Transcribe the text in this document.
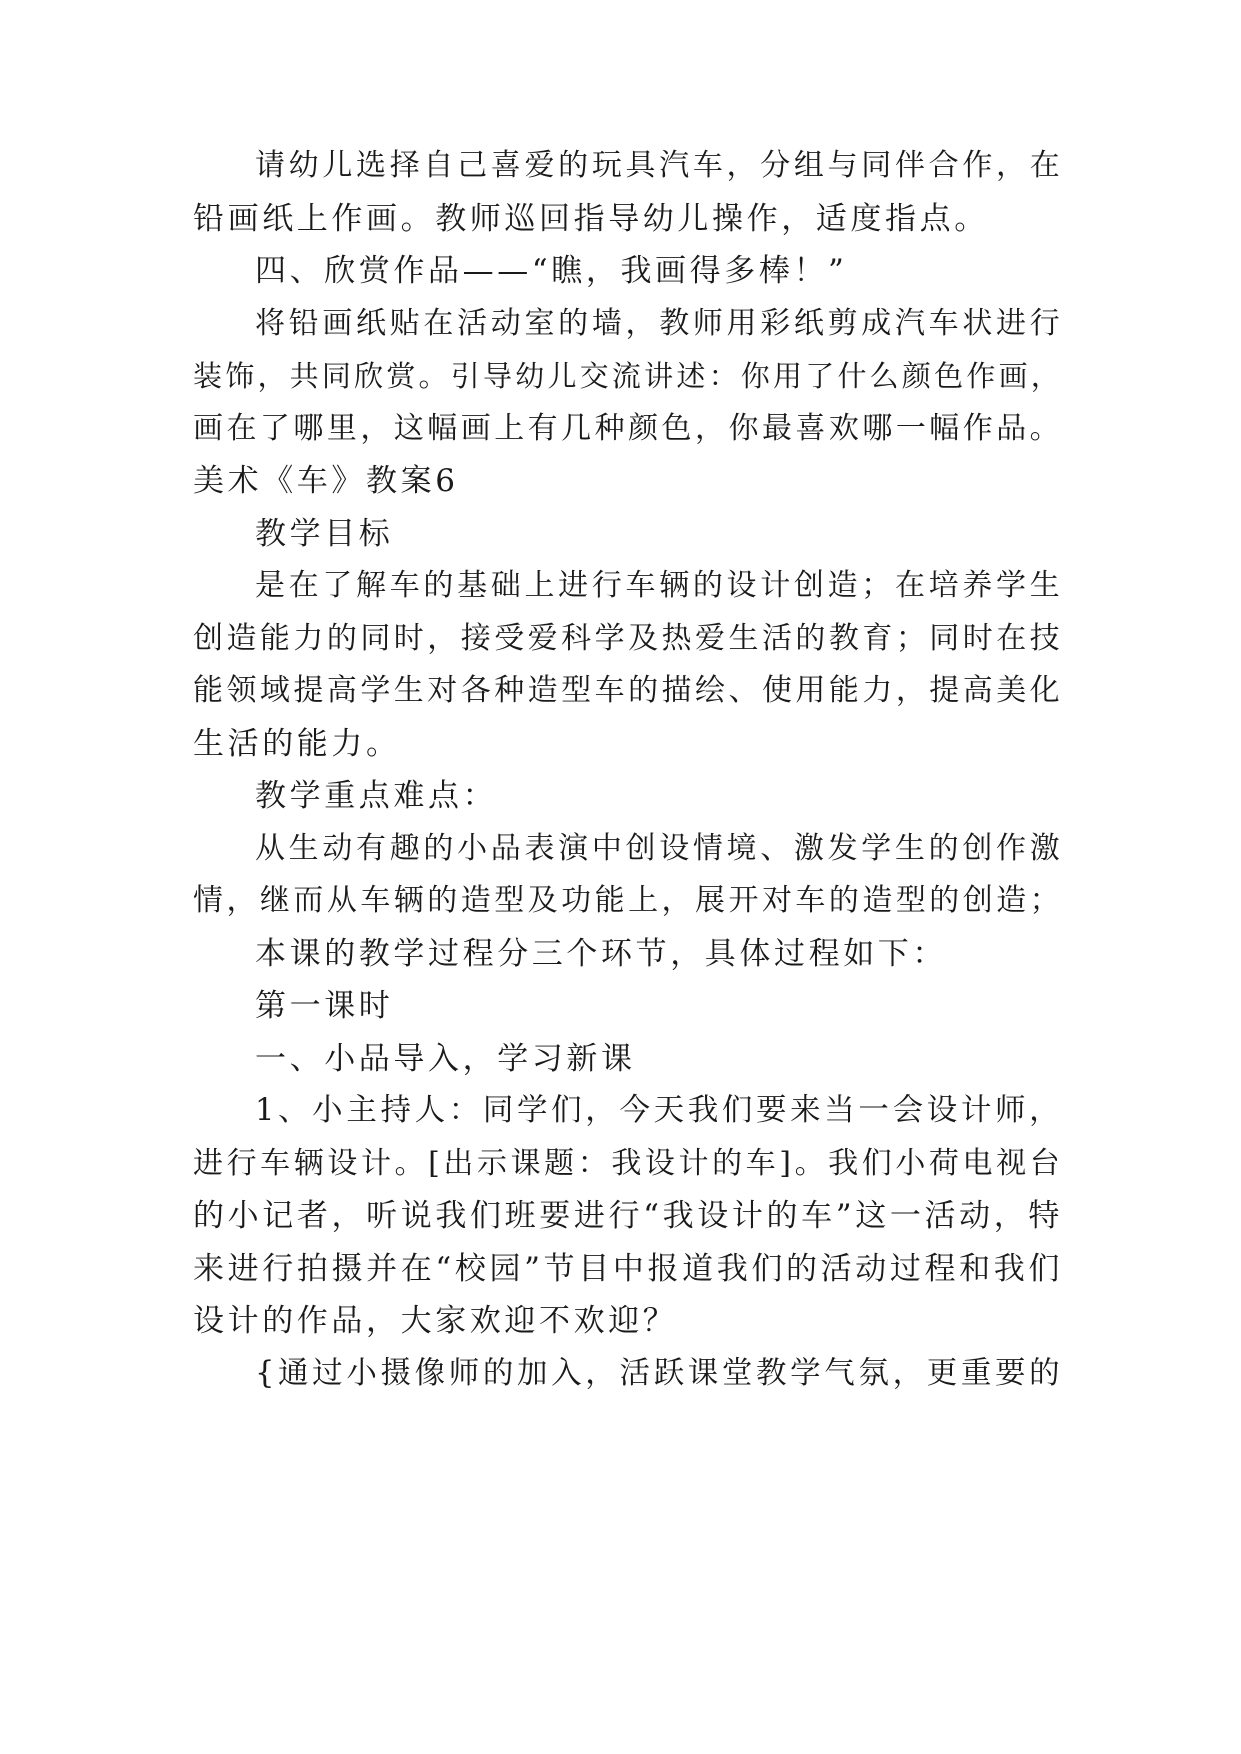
请幼儿选择自己喜爱的玩具汽车，分组与同伴合作，在
铅画纸上作画。教师巡回指导幼儿操作，适度指点。
四、欣赏作品——“瞧，我画得多棒！”
将铅画纸贴在活动室的墙，教师用彩纸剪成汽车状进行
装饰，共同欣赏。引导幼儿交流讲述：你用了什么颜色作画，
画在了哪里，这幅画上有几种颜色，你最喜欢哪一幅作品。
美术《车》教案6
教学目标
是在了解车的基础上进行车辆的设计创造；在培养学生
创造能力的同时，接受爱科学及热爱生活的教育；同时在技
能领域提高学生对各种造型车的描绘、使用能力，提高美化
生活的能力。
教学重点难点：
从生动有趣的小品表演中创设情境、激发学生的创作激
情，继而从车辆的造型及功能上，展开对车的造型的创造；
本课的教学过程分三个环节，具体过程如下：
第一课时
一、小品导入，学习新课
1、小主持人：同学们，今天我们要来当一会设计师，
进行车辆设计。[出示课题：我设计的车]。我们小荷电视台
的小记者，听说我们班要进行“我设计的车”这一活动，特
来进行拍摄并在“校园”节目中报道我们的活动过程和我们
设计的作品，大家欢迎不欢迎？
{通过小摄像师的加入，活跃课堂教学气氛，更重要的
